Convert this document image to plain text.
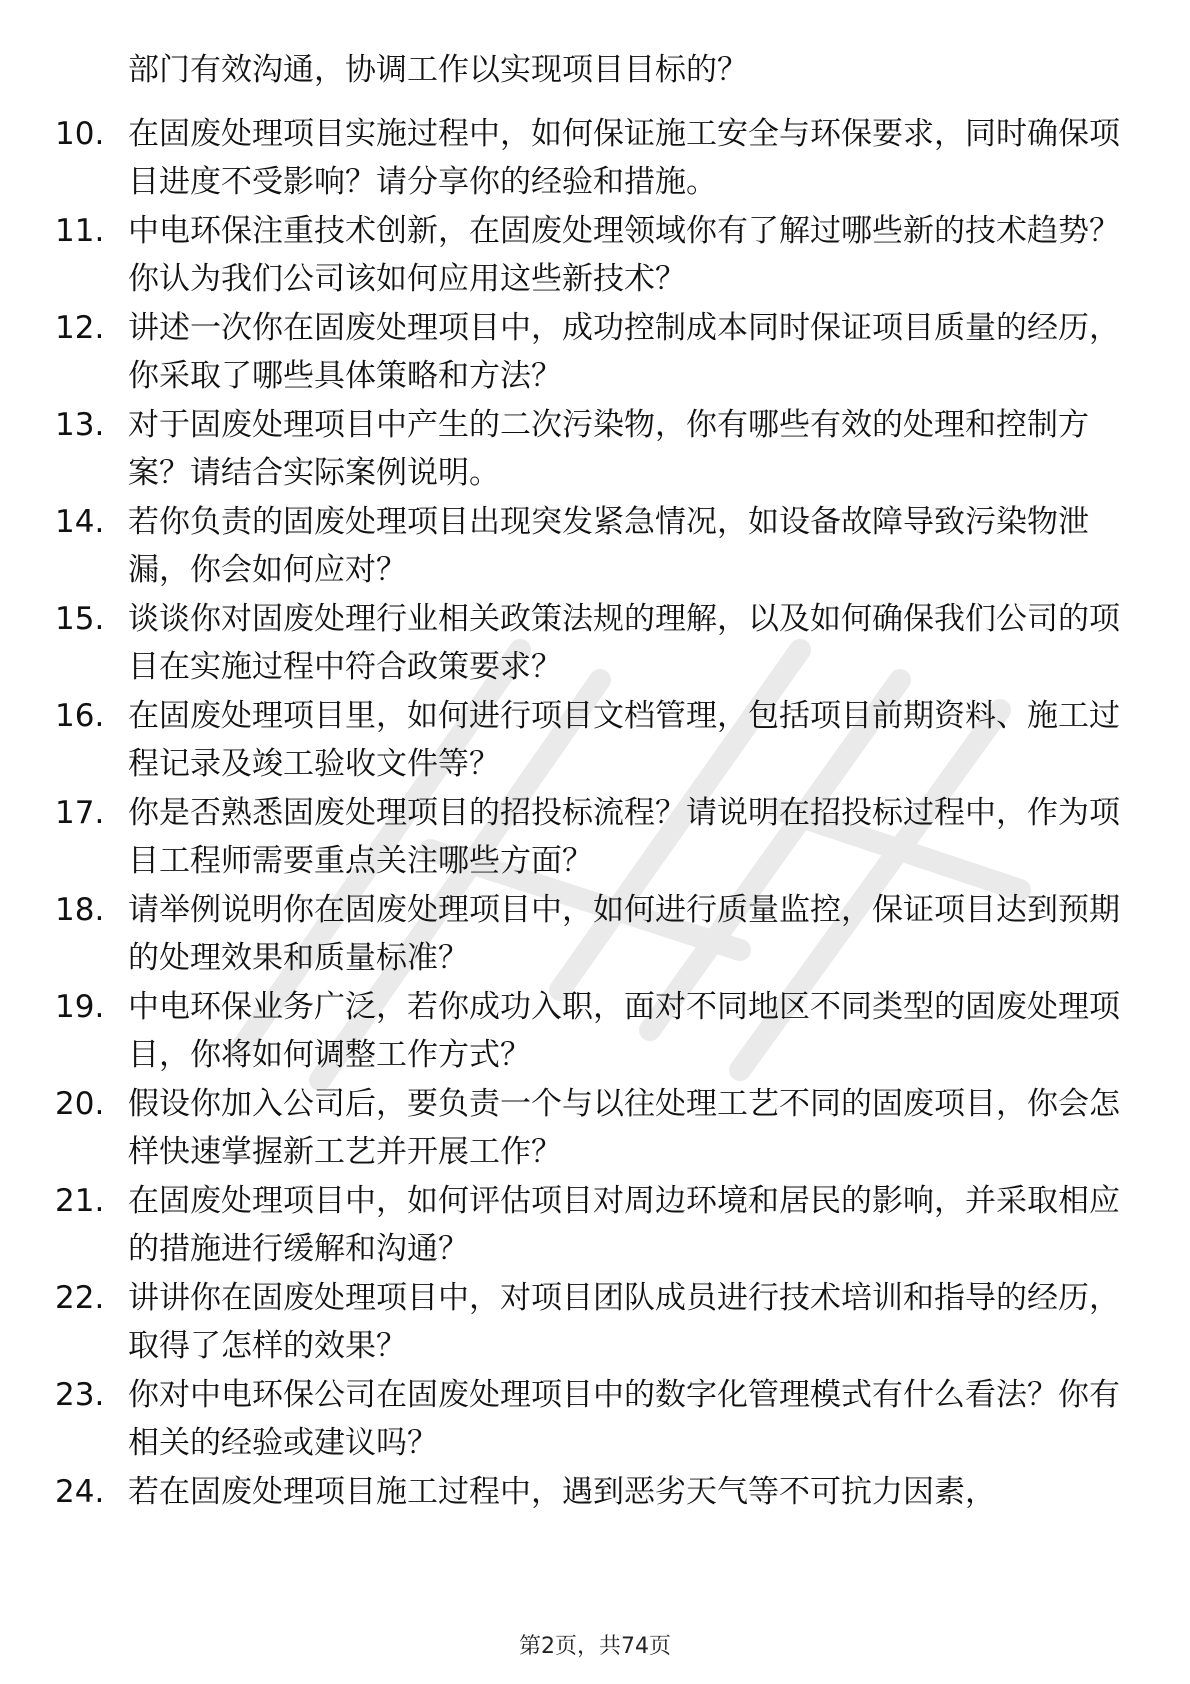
部门有效沟通，协调工作以实现项目目标的？

10. 在固废处理项目实施过程中，如何保证施工安全与环保要求，同时确保项目进度不受影响？请分享你的经验和措施。
11. 中电环保注重技术创新，在固废处理领域你有了解过哪些新的技术趋势？你认为我们公司该如何应用这些新技术？
12. 讲述一次你在固废处理项目中，成功控制成本同时保证项目质量的经历，你采取了哪些具体策略和方法？
13. 对于固废处理项目中产生的二次污染物，你有哪些有效的处理和控制方案？请结合实际案例说明。
14. 若你负责的固废处理项目出现突发紧急情况，如设备故障导致污染物泄漏，你会如何应对？
15. 谈谈你对固废处理行业相关政策法规的理解，以及如何确保我们公司的项目在实施过程中符合政策要求？
16. 在固废处理项目里，如何进行项目文档管理，包括项目前期资料、施工过程记录及竣工验收文件等？
17. 你是否熟悉固废处理项目的招投标流程？请说明在招投标过程中，作为项目工程师需要重点关注哪些方面？
18. 请举例说明你在固废处理项目中，如何进行质量监控，保证项目达到预期的处理效果和质量标准？
19. 中电环保业务广泛，若你成功入职，面对不同地区不同类型的固废处理项目，你将如何调整工作方式？
20. 假设你加入公司后，要负责一个与以往处理工艺不同的固废项目，你会怎样快速掌握新工艺并开展工作？
21. 在固废处理项目中，如何评估项目对周边环境和居民的影响，并采取相应的措施进行缓解和沟通？
22. 讲讲你在固废处理项目中，对项目团队成员进行技术培训和指导的经历，取得了怎样的效果？
23. 你对中电环保公司在固废处理项目中的数字化管理模式有什么看法？你有相关的经验或建议吗？
24. 若在固废处理项目施工过程中，遇到恶劣天气等不可抗力因素，
第2页，共74页
